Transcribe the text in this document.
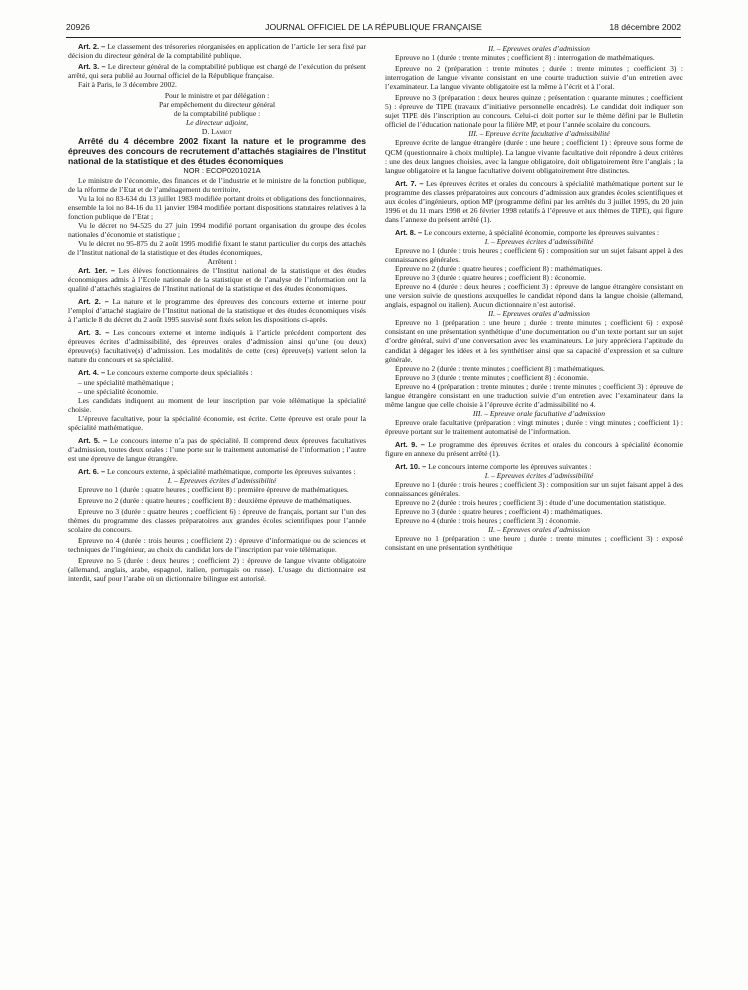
20926	JOURNAL OFFICIEL DE LA RÉPUBLIQUE FRANÇAISE	18 décembre 2002

Art. 2. – Le classement des trésoreries réorganisées en application de l’article 1er sera fixé par décision du directeur général de la comptabilité publique.

Art. 3. – Le directeur général de la comptabilité publique est chargé de l’exécution du présent arrêté, qui sera publié au Journal officiel de la République française.

Fait à Paris, le 3 décembre 2002.

Pour le ministre et par délégation :
Par empêchement du directeur général
de la comptabilité publique :
Le directeur adjoint,
D. Lamiot

Arrêté du 4 décembre 2002 fixant la nature et le programme des épreuves des concours de recrutement d’attachés stagiaires de l’Institut national de la statistique et des études économiques

NOR : ECOP0201021A

Le ministre de l’économie, des finances et de l’industrie et le ministre de la fonction publique, de la réforme de l’Etat et de l’aménagement du territoire,

Vu la loi no 83-634 du 13 juillet 1983 modifiée portant droits et obligations des fonctionnaires, ensemble la loi no 84-16 du 11 janvier 1984 modifiée portant dispositions statutaires relatives à la fonction publique de l’Etat ;

Vu le décret no 94-525 du 27 juin 1994 modifié portant organisation du groupe des écoles nationales d’économie et statistique ;

Vu le décret no 95-875 du 2 août 1995 modifié fixant le statut particulier du corps des attachés de l’Institut national de la statistique et des études économiques,

Arrêtent :

Art. 1er. – Les élèves fonctionnaires de l’Institut national de la statistique et des études économiques admis à l’Ecole nationale de la statistique et de l’analyse de l’information ont la qualité d’attachés stagiaires de l’Institut national de la statistique et des études économiques.

Art. 2. – La nature et le programme des épreuves des concours externe et interne pour l’emploi d’attaché stagiaire de l’Institut national de la statistique et des études économiques visés à l’article 8 du décret du 2 août 1995 susvisé sont fixés selon les dispositions ci-après.

Art. 3. – Les concours externe et interne indiqués à l’article précédent comportent des épreuves écrites d’admissibilité, des épreuves orales d’admission ainsi qu’une (ou deux) épreuve(s) facultative(s) d’admission. Les modalités de cette (ces) épreuve(s) varient selon la nature du concours et sa spécialité.

Art. 4. – Le concours externe comporte deux spécialités :

– une spécialité mathématique ;

– une spécialité économie.

Les candidats indiquent au moment de leur inscription par voie télématique la spécialité choisie.

L’épreuve facultative, pour la spécialité économie, est écrite. Cette épreuve est orale pour la spécialité mathématique.

Art. 5. – Le concours interne n’a pas de spécialité. Il comprend deux épreuves facultatives d’admission, toutes deux orales : l’une porte sur le traitement automatisé de l’information ; l’autre est une épreuve de langue étrangère.

Art. 6. – Le concours externe, à spécialité mathématique, comporte les épreuves suivantes :

I. – Epreuves écrites d’admissibilité

Epreuve no 1 (durée : quatre heures ; coefficient 8) : première épreuve de mathématiques.

Epreuve no 2 (durée : quatre heures ; coefficient 8) : deuxième épreuve de mathématiques.

Epreuve no 3 (durée : quatre heures ; coefficient 6) : épreuve de français, portant sur l’un des thèmes du programme des classes préparatoires aux grandes écoles scientifiques pour l’année scolaire du concours.

Epreuve no 4 (durée : trois heures ; coefficient 2) : épreuve d’informatique ou de sciences et techniques de l’ingénieur, au choix du candidat lors de l’inscription par voie télématique.

Epreuve no 5 (durée : deux heures ; coefficient 2) : épreuve de langue vivante obligatoire (allemand, anglais, arabe, espagnol, italien, portugais ou russe). L’usage du dictionnaire est interdit, sauf pour l’arabe où un dictionnaire bilingue est autorisé.

II. – Epreuves orales d’admission

Epreuve no 1 (durée : trente minutes ; coefficient 8) : interrogation de mathématiques.

Epreuve no 2 (préparation : trente minutes ; durée : trente minutes ; coefficient 3) : interrogation de langue vivante consistant en une courte traduction suivie d’un entretien avec l’examinateur. La langue vivante obligatoire est la même à l’écrit et à l’oral.

Epreuve no 3 (préparation : deux heures quinze ; présentation : quarante minutes ; coefficient 5) : épreuve de TIPE (travaux d’initiative personnelle encadrés). Le candidat doit indiquer son sujet TIPE dès l’inscription au concours. Celui-ci doit porter sur le thème défini par le Bulletin officiel de l’éducation nationale pour la filière MP, et pour l’année scolaire du concours.

III. – Epreuve écrite facultative d’admissibilité

Epreuve écrite de langue étrangère (durée : une heure ; coefficient 1) : épreuve sous forme de QCM (questionnaire à choix multiple). La langue vivante facultative doit répondre à deux critères : une des deux langues choisies, avec la langue obligatoire, doit obligatoirement être l’anglais ; la langue obligatoire et la langue facultative doivent obligatoirement être distinctes.

Art. 7. – Les épreuves écrites et orales du concours à spécialité mathématique portent sur le programme des classes préparatoires aux concours d’admission aux grandes écoles scientifiques et aux écoles d’ingénieurs, option MP (programme défini par les arrêtés du 3 juillet 1995, du 20 juin 1996 et du 11 mars 1998 et 26 février 1998 relatifs à l’épreuve et aux thèmes de TIPE), qui figure dans l’annexe du présent arrêté (1).

Art. 8. – Le concours externe, à spécialité économie, comporte les épreuves suivantes :

I. – Epreuves écrites d’admissibilité

Epreuve no 1 (durée : trois heures ; coefficient 6) : composition sur un sujet faisant appel à des connaissances générales.

Epreuve no 2 (durée : quatre heures ; coefficient 8) : mathématiques.

Epreuve no 3 (durée : quatre heures ; coefficient 8) : économie.

Epreuve no 4 (durée : deux heures ; coefficient 3) : épreuve de langue étrangère consistant en une version suivie de questions auxquelles le candidat répond dans la langue choisie (allemand, anglais, espagnol ou italien). Aucun dictionnaire n’est autorisé.

II. – Epreuves orales d’admission

Epreuve no 1 (préparation : une heure ; durée : trente minutes ; coefficient 6) : exposé consistant en une présentation synthétique d’une documentation ou d’un texte portant sur un sujet d’ordre général, suivi d’une conversation avec les examinateurs. Le jury appréciera l’aptitude du candidat à dégager les idées et à les synthétiser ainsi que sa capacité d’expression et sa culture générale.

Epreuve no 2 (durée : trente minutes ; coefficient 8) : mathématiques.

Epreuve no 3 (durée : trente minutes ; coefficient 8) : économie.

Epreuve no 4 (préparation : trente minutes ; durée : trente minutes ; coefficient 3) : épreuve de langue étrangère consistant en une traduction suivie d’un entretien avec l’examinateur dans la même langue que celle choisie à l’épreuve écrite d’admissibilité no 4.

III. – Epreuve orale facultative d’admission

Epreuve orale facultative (préparation : vingt minutes ; durée : vingt minutes ; coefficient 1) : épreuve portant sur le traitement automatisé de l’information.

Art. 9. – Le programme des épreuves écrites et orales du concours à spécialité économie figure en annexe du présent arrêté (1).

Art. 10. – Le concours interne comporte les épreuves suivantes :

I. – Epreuves écrites d’admissibilité

Epreuve no 1 (durée : trois heures ; coefficient 3) : composition sur un sujet faisant appel à des connaissances générales.

Epreuve no 2 (durée : trois heures ; coefficient 3) : étude d’une documentation statistique.

Epreuve no 3 (durée : quatre heures ; coefficient 4) : mathématiques.

Epreuve no 4 (durée : trois heures ; coefficient 3) : économie.

II. – Epreuves orales d’admission

Epreuve no 1 (préparation : une heure ; durée : trente minutes ; coefficient 3) : exposé consistant en une présentation synthétique
